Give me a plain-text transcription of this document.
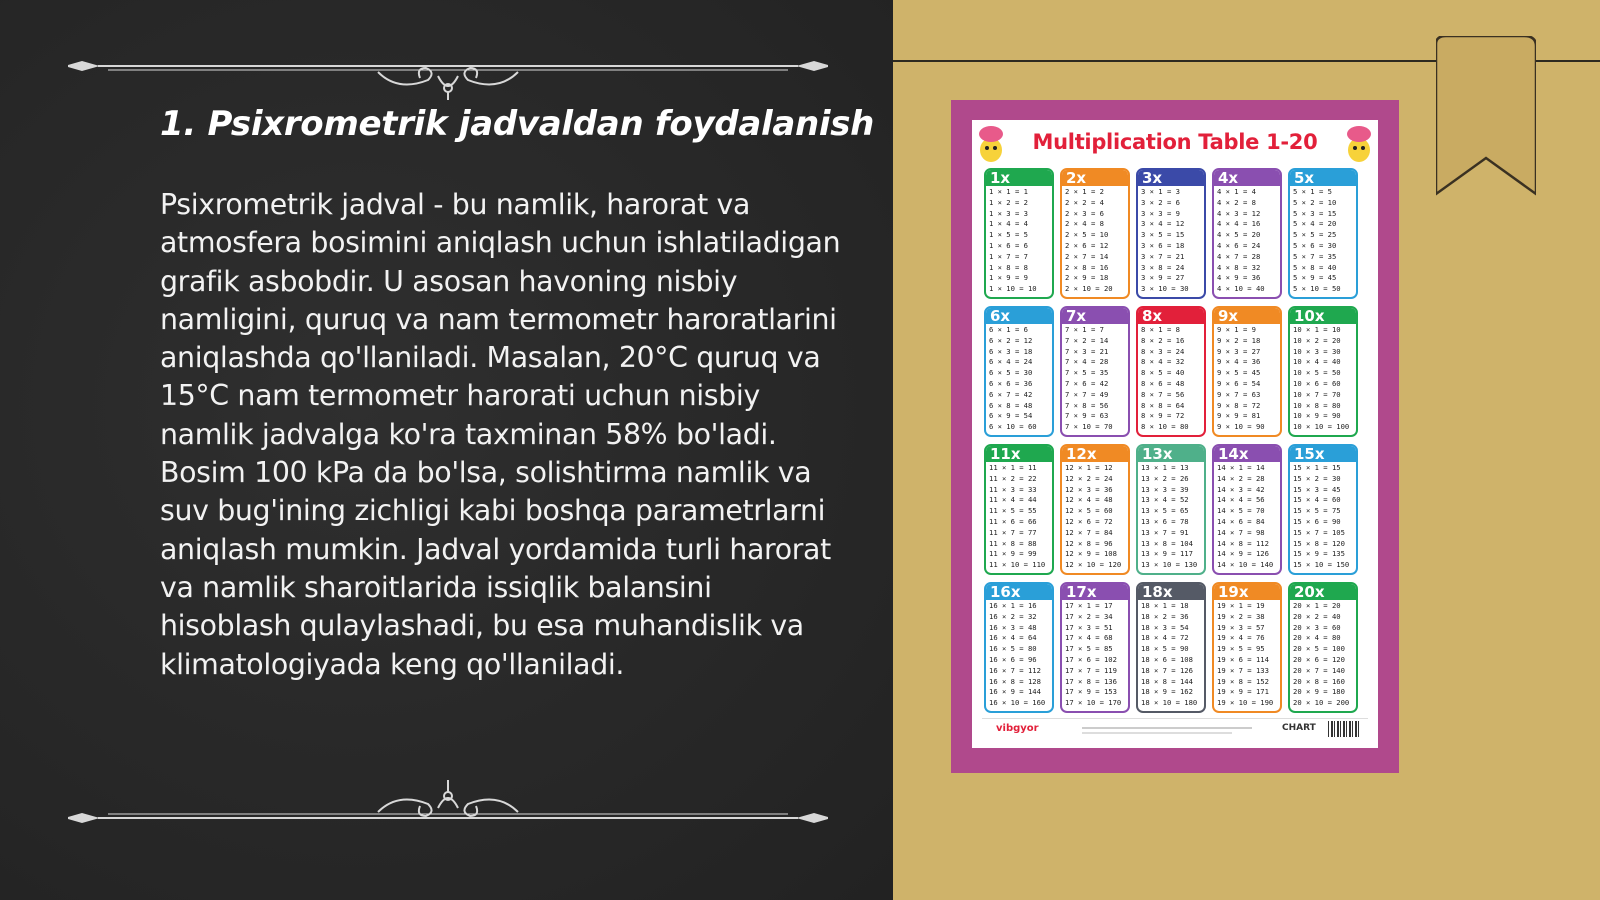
1. Psixrometrik jadvaldan foydalanish

Psixrometrik jadval - bu namlik, harorat va atmosfera bosimini aniqlash uchun ishlatiladigan grafik asbobdir. U asosan havoning nisbiy namligini, quruq va nam termometr haroratlarini aniqlashda qo'llaniladi. Masalan, 20°C quruq va 15°C nam termometr harorati uchun nisbiy namlik jadvalga ko'ra taxminan 58% bo'ladi. Bosim 100 kPa da bo'lsa, solishtirma namlik va suv bug'ining zichligi kabi boshqa parametrlarni aniqlash mumkin. Jadval yordamida turli harorat va namlik sharoitlarida issiqlik balansini hisoblash qulaylashadi, bu esa muhandislik va klimatologiyada keng qo'llaniladi.

Multiplication Table 1-20
1x
1 × 1 = 1
1 × 2 = 2
1 × 3 = 3
1 × 4 = 4
1 × 5 = 5
1 × 6 = 6
1 × 7 = 7
1 × 8 = 8
1 × 9 = 9
1 × 10 = 10
2x
2 × 1 = 2
2 × 2 = 4
2 × 3 = 6
2 × 4 = 8
2 × 5 = 10
2 × 6 = 12
2 × 7 = 14
2 × 8 = 16
2 × 9 = 18
2 × 10 = 20
3x
3 × 1 = 3
3 × 2 = 6
3 × 3 = 9
3 × 4 = 12
3 × 5 = 15
3 × 6 = 18
3 × 7 = 21
3 × 8 = 24
3 × 9 = 27
3 × 10 = 30
4x
4 × 1 = 4
4 × 2 = 8
4 × 3 = 12
4 × 4 = 16
4 × 5 = 20
4 × 6 = 24
4 × 7 = 28
4 × 8 = 32
4 × 9 = 36
4 × 10 = 40
5x
5 × 1 = 5
5 × 2 = 10
5 × 3 = 15
5 × 4 = 20
5 × 5 = 25
5 × 6 = 30
5 × 7 = 35
5 × 8 = 40
5 × 9 = 45
5 × 10 = 50
6x
6 × 1 = 6
6 × 2 = 12
6 × 3 = 18
6 × 4 = 24
6 × 5 = 30
6 × 6 = 36
6 × 7 = 42
6 × 8 = 48
6 × 9 = 54
6 × 10 = 60
7x
7 × 1 = 7
7 × 2 = 14
7 × 3 = 21
7 × 4 = 28
7 × 5 = 35
7 × 6 = 42
7 × 7 = 49
7 × 8 = 56
7 × 9 = 63
7 × 10 = 70
8x
8 × 1 = 8
8 × 2 = 16
8 × 3 = 24
8 × 4 = 32
8 × 5 = 40
8 × 6 = 48
8 × 7 = 56
8 × 8 = 64
8 × 9 = 72
8 × 10 = 80
9x
9 × 1 = 9
9 × 2 = 18
9 × 3 = 27
9 × 4 = 36
9 × 5 = 45
9 × 6 = 54
9 × 7 = 63
9 × 8 = 72
9 × 9 = 81
9 × 10 = 90
10x
10 × 1 = 10
10 × 2 = 20
10 × 3 = 30
10 × 4 = 40
10 × 5 = 50
10 × 6 = 60
10 × 7 = 70
10 × 8 = 80
10 × 9 = 90
10 × 10 = 100
11x
11 × 1 = 11
11 × 2 = 22
11 × 3 = 33
11 × 4 = 44
11 × 5 = 55
11 × 6 = 66
11 × 7 = 77
11 × 8 = 88
11 × 9 = 99
11 × 10 = 110
12x
12 × 1 = 12
12 × 2 = 24
12 × 3 = 36
12 × 4 = 48
12 × 5 = 60
12 × 6 = 72
12 × 7 = 84
12 × 8 = 96
12 × 9 = 108
12 × 10 = 120
13x
13 × 1 = 13
13 × 2 = 26
13 × 3 = 39
13 × 4 = 52
13 × 5 = 65
13 × 6 = 78
13 × 7 = 91
13 × 8 = 104
13 × 9 = 117
13 × 10 = 130
14x
14 × 1 = 14
14 × 2 = 28
14 × 3 = 42
14 × 4 = 56
14 × 5 = 70
14 × 6 = 84
14 × 7 = 98
14 × 8 = 112
14 × 9 = 126
14 × 10 = 140
15x
15 × 1 = 15
15 × 2 = 30
15 × 3 = 45
15 × 4 = 60
15 × 5 = 75
15 × 6 = 90
15 × 7 = 105
15 × 8 = 120
15 × 9 = 135
15 × 10 = 150
16x
16 × 1 = 16
16 × 2 = 32
16 × 3 = 48
16 × 4 = 64
16 × 5 = 80
16 × 6 = 96
16 × 7 = 112
16 × 8 = 128
16 × 9 = 144
16 × 10 = 160
17x
17 × 1 = 17
17 × 2 = 34
17 × 3 = 51
17 × 4 = 68
17 × 5 = 85
17 × 6 = 102
17 × 7 = 119
17 × 8 = 136
17 × 9 = 153
17 × 10 = 170
18x
18 × 1 = 18
18 × 2 = 36
18 × 3 = 54
18 × 4 = 72
18 × 5 = 90
18 × 6 = 108
18 × 7 = 126
18 × 8 = 144
18 × 9 = 162
18 × 10 = 180
19x
19 × 1 = 19
19 × 2 = 38
19 × 3 = 57
19 × 4 = 76
19 × 5 = 95
19 × 6 = 114
19 × 7 = 133
19 × 8 = 152
19 × 9 = 171
19 × 10 = 190
20x
20 × 1 = 20
20 × 2 = 40
20 × 3 = 60
20 × 4 = 80
20 × 5 = 100
20 × 6 = 120
20 × 7 = 140
20 × 8 = 160
20 × 9 = 180
20 × 10 = 200
vibgyor	CHART
